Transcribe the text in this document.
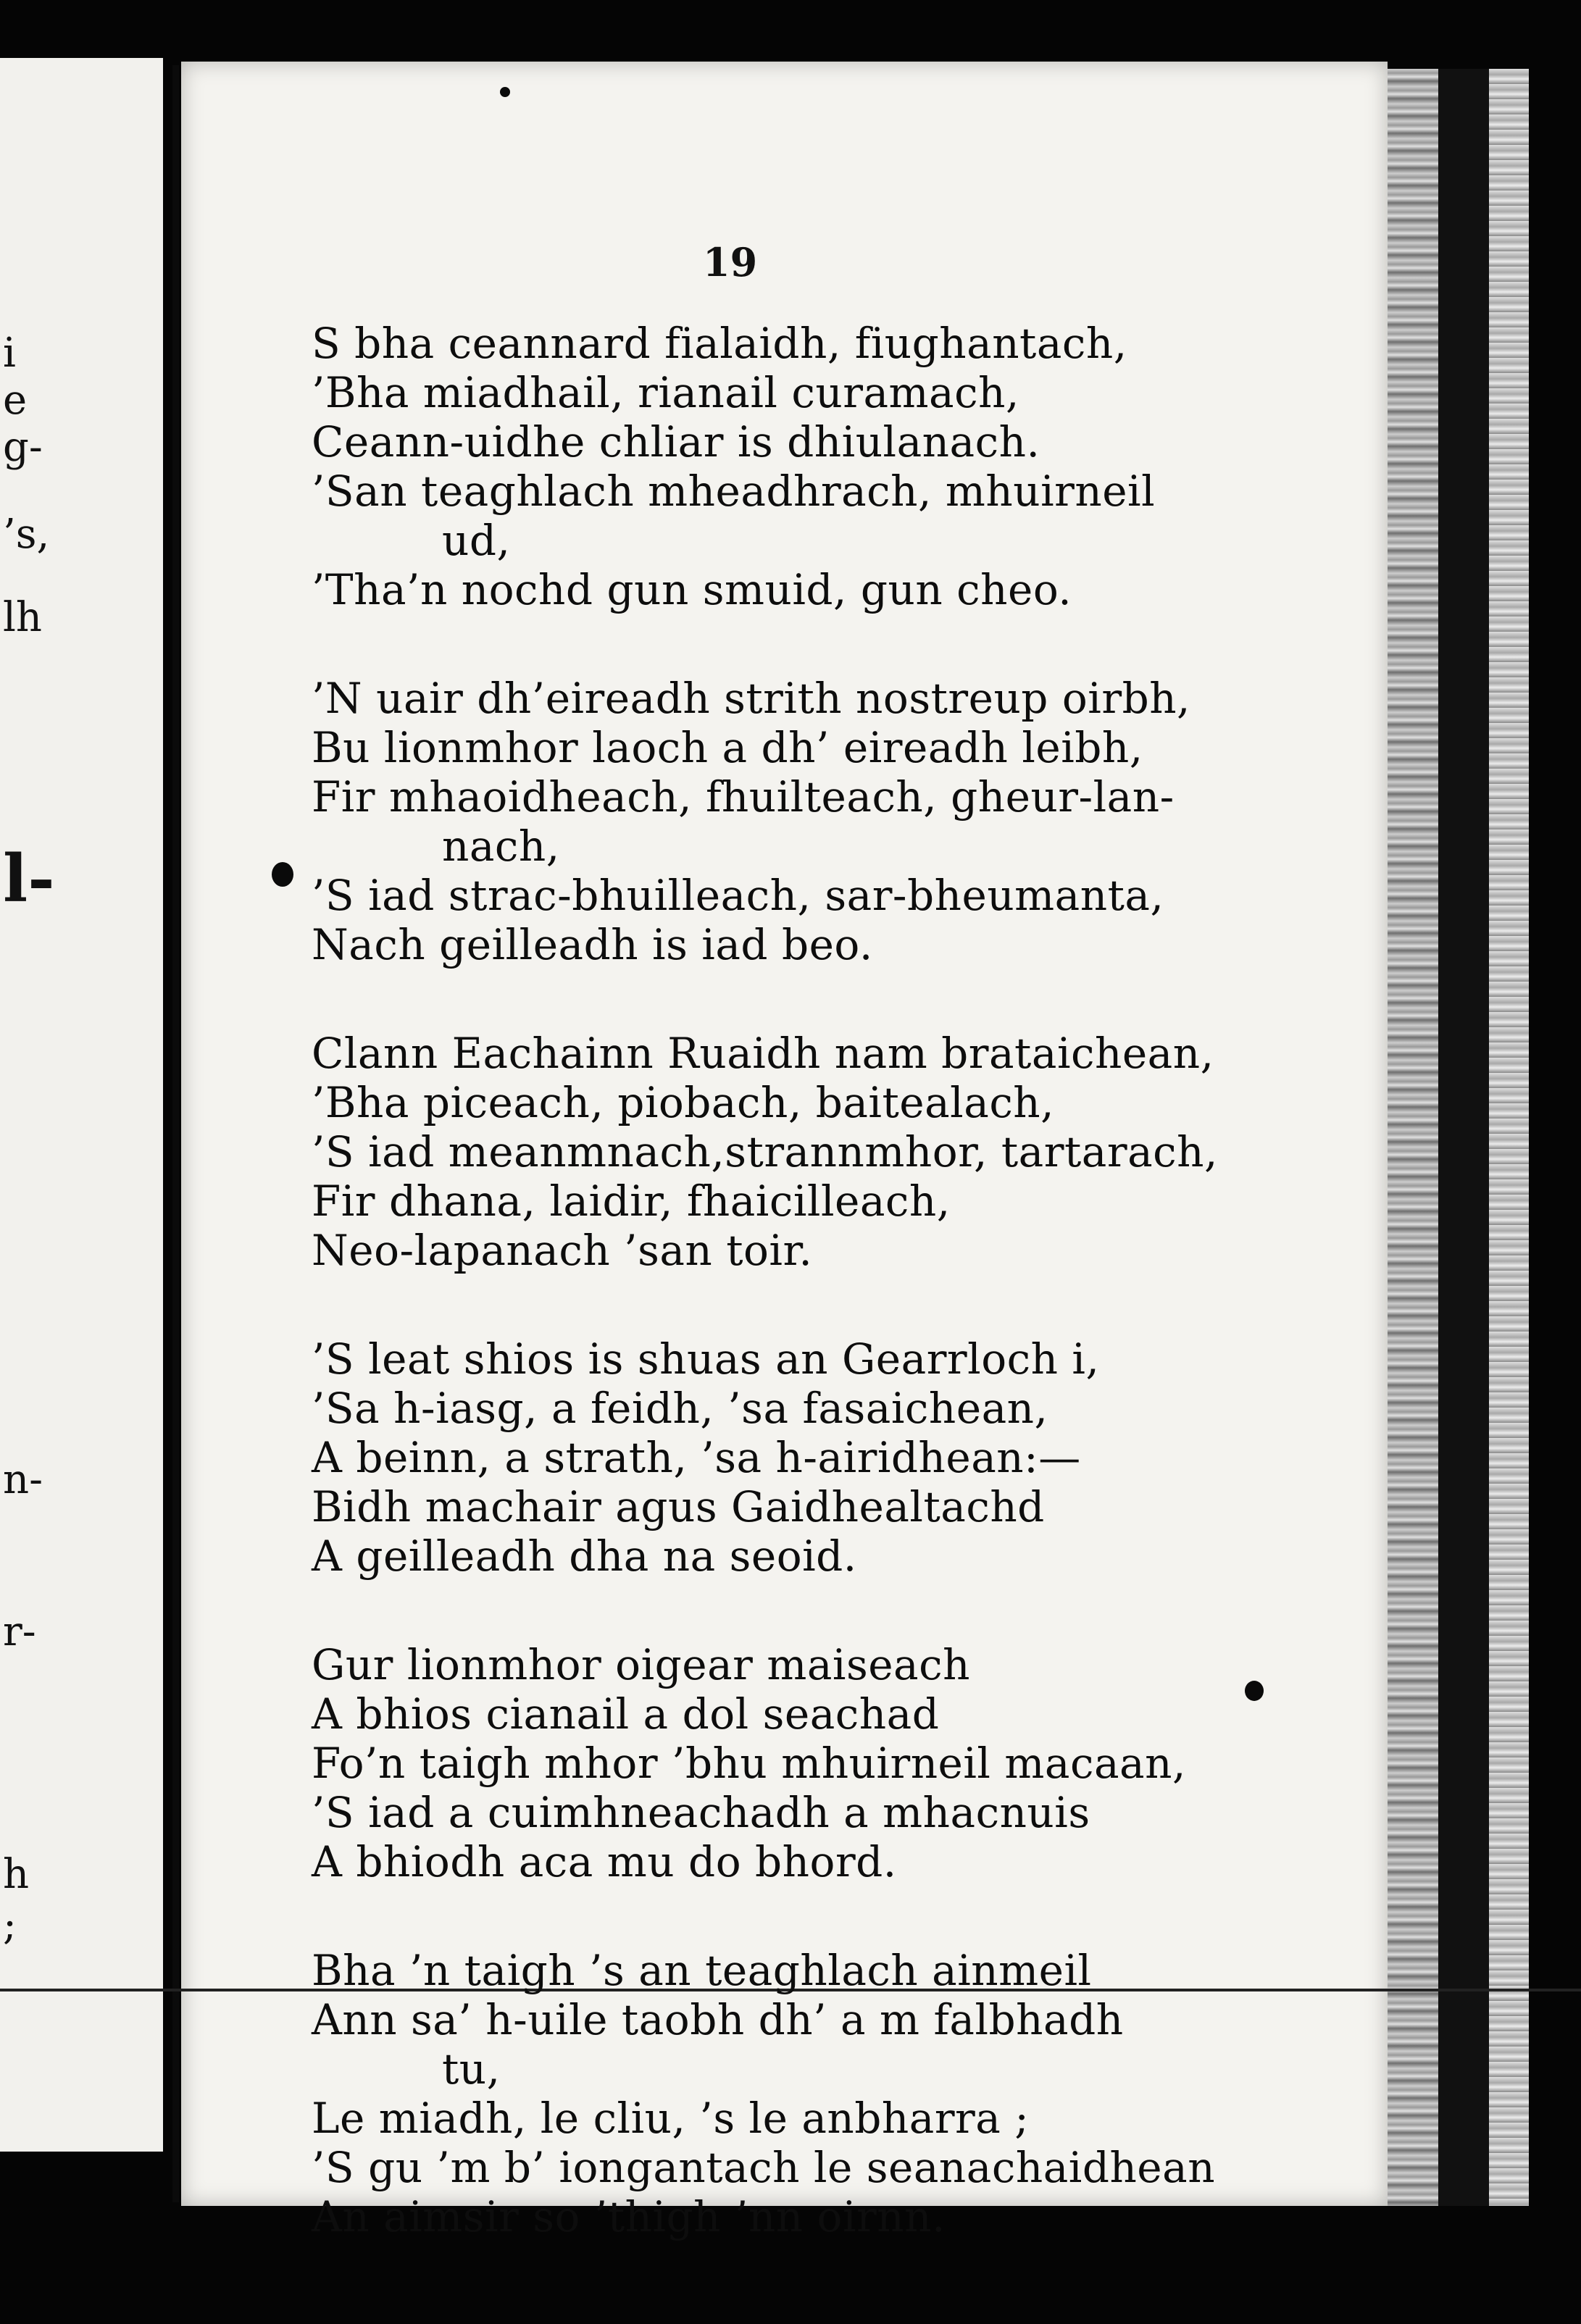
i
e
g-
’s,
lh
l-
n-
r-
h
;
19
S bha ceannard fialaidh, fiughantach,
’Bha miadhail, rianail curamach,
Ceann-uidhe chliar is dhiulanach.
’San teaghlach mheadhrach, mhuirneil
ud,
’Tha’n nochd gun smuid, gun cheo.
’N uair dh’eireadh strith nostreup oirbh,
Bu lionmhor laoch a dh’ eireadh leibh,
Fir mhaoidheach, fhuilteach, gheur-lan-
nach,
’S iad strac-bhuilleach, sar-bheumanta,
Nach geilleadh is iad beo.
Clann Eachainn Ruaidh nam brataichean,
’Bha piceach, piobach, baitealach,
’S iad meanmnach,strannmhor, tartarach,
Fir dhana, laidir, fhaicilleach,
Neo-lapanach ’san toir.
’S leat shios is shuas an Gearrloch i,
’Sa h-iasg, a feidh, ’sa fasaichean,
A beinn, a strath, ’sa h-airidhean:—
Bidh machair agus Gaidhealtachd
A geilleadh dha na seoid.
Gur lionmhor oigear maiseach
A bhios cianail a dol seachad
Fo’n taigh mhor ’bhu mhuirneil macaan,
’S iad a cuimhneachadh a mhacnuis
A bhiodh aca mu do bhord.
Bha ’n taigh ’s an teaghlach ainmeil
Ann sa’ h-uile taobh dh’ a m falbhadh
tu,
Le miadh, le cliu, ’s le anbharra ;
’S gu ’m b’ iongantach le seanachaidhean
An aimsir so ’thigh ’nn oirnn.
